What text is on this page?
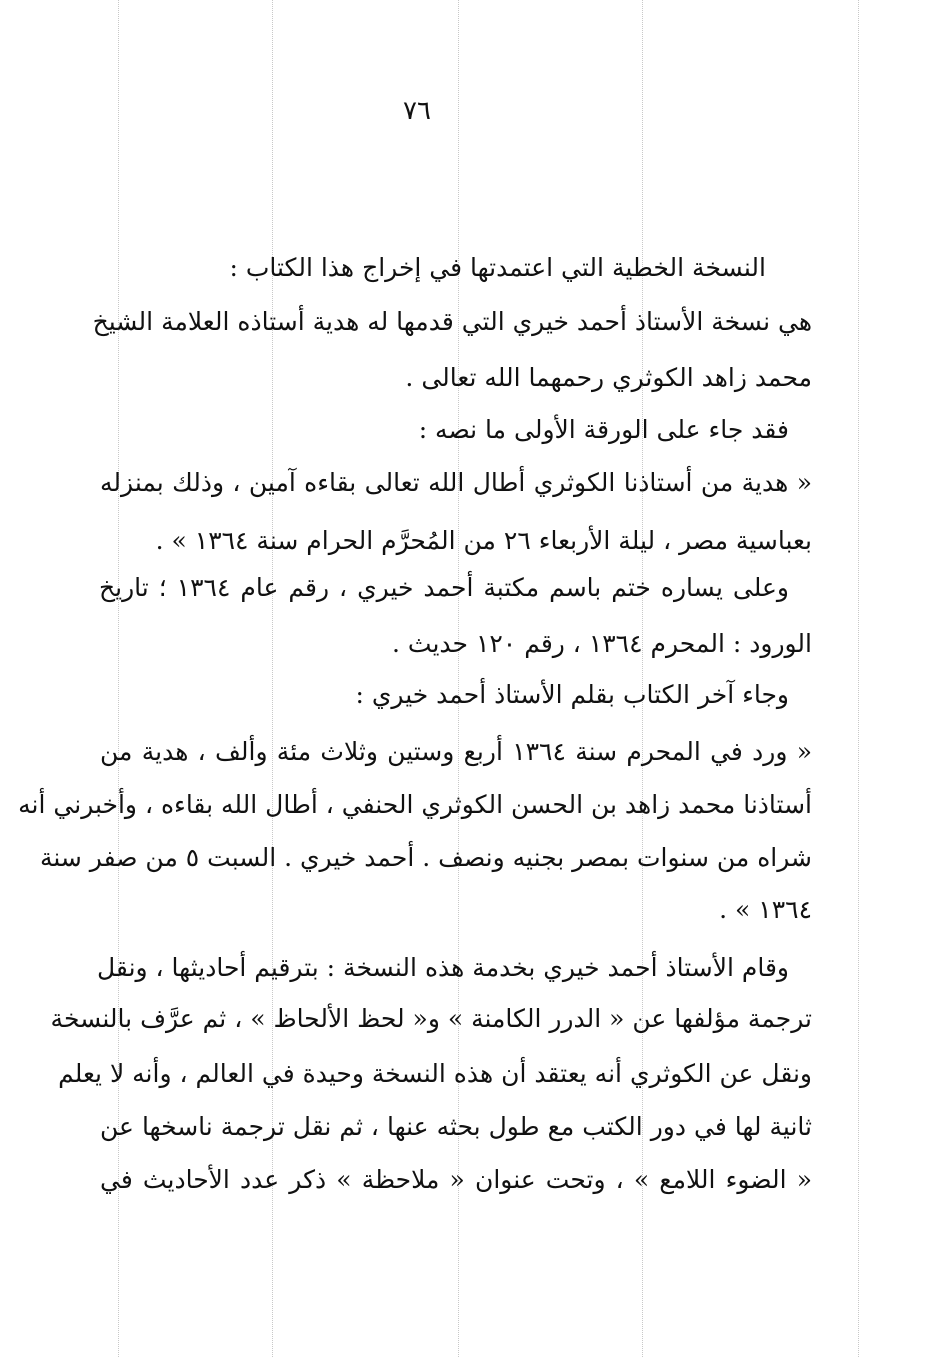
٧٦
النسخة الخطية التي اعتمدتها في إخراج هذا الكتاب :
هي نسخة الأستاذ أحمد خيري التي قدمها له هدية أستاذه العلامة الشيخ
محمد زاهد الكوثري رحمهما الله تعالى .
فقد جاء على الورقة الأولى ما نصه :
« هدية من أستاذنا الكوثري أطال الله تعالى بقاءه آمين ، وذلك بمنزله
بعباسية مصر ، ليلة الأربعاء ٢٦ من المُحرَّم الحرام سنة ١٣٦٤ » .
وعلى يساره ختم باسم مكتبة أحمد خيري ، رقم عام ١٣٦٤ ؛ تاريخ
الورود : المحرم ١٣٦٤ ، رقم ١٢٠ حديث .
وجاء آخر الكتاب بقلم الأستاذ أحمد خيري :
« ورد في المحرم سنة ١٣٦٤ أربع وستين وثلاث مئة وألف ، هدية من
أستاذنا محمد زاهد بن الحسن الكوثري الحنفي ، أطال الله بقاءه ، وأخبرني أنه
شراه من سنوات بمصر بجنيه ونصف . أحمد خيري . السبت ٥ من صفر سنة
١٣٦٤ » .
وقام الأستاذ أحمد خيري بخدمة هذه النسخة : بترقيم أحاديثها ، ونقل
ترجمة مؤلفها عن « الدرر الكامنة » و« لحظ الألحاظ » ، ثم عرَّف بالنسخة
ونقل عن الكوثري أنه يعتقد أن هذه النسخة وحيدة في العالم ، وأنه لا يعلم
ثانية لها في دور الكتب مع طول بحثه عنها ، ثم نقل ترجمة ناسخها عن
« الضوء اللامع » ، وتحت عنوان « ملاحظة » ذكر عدد الأحاديث في
